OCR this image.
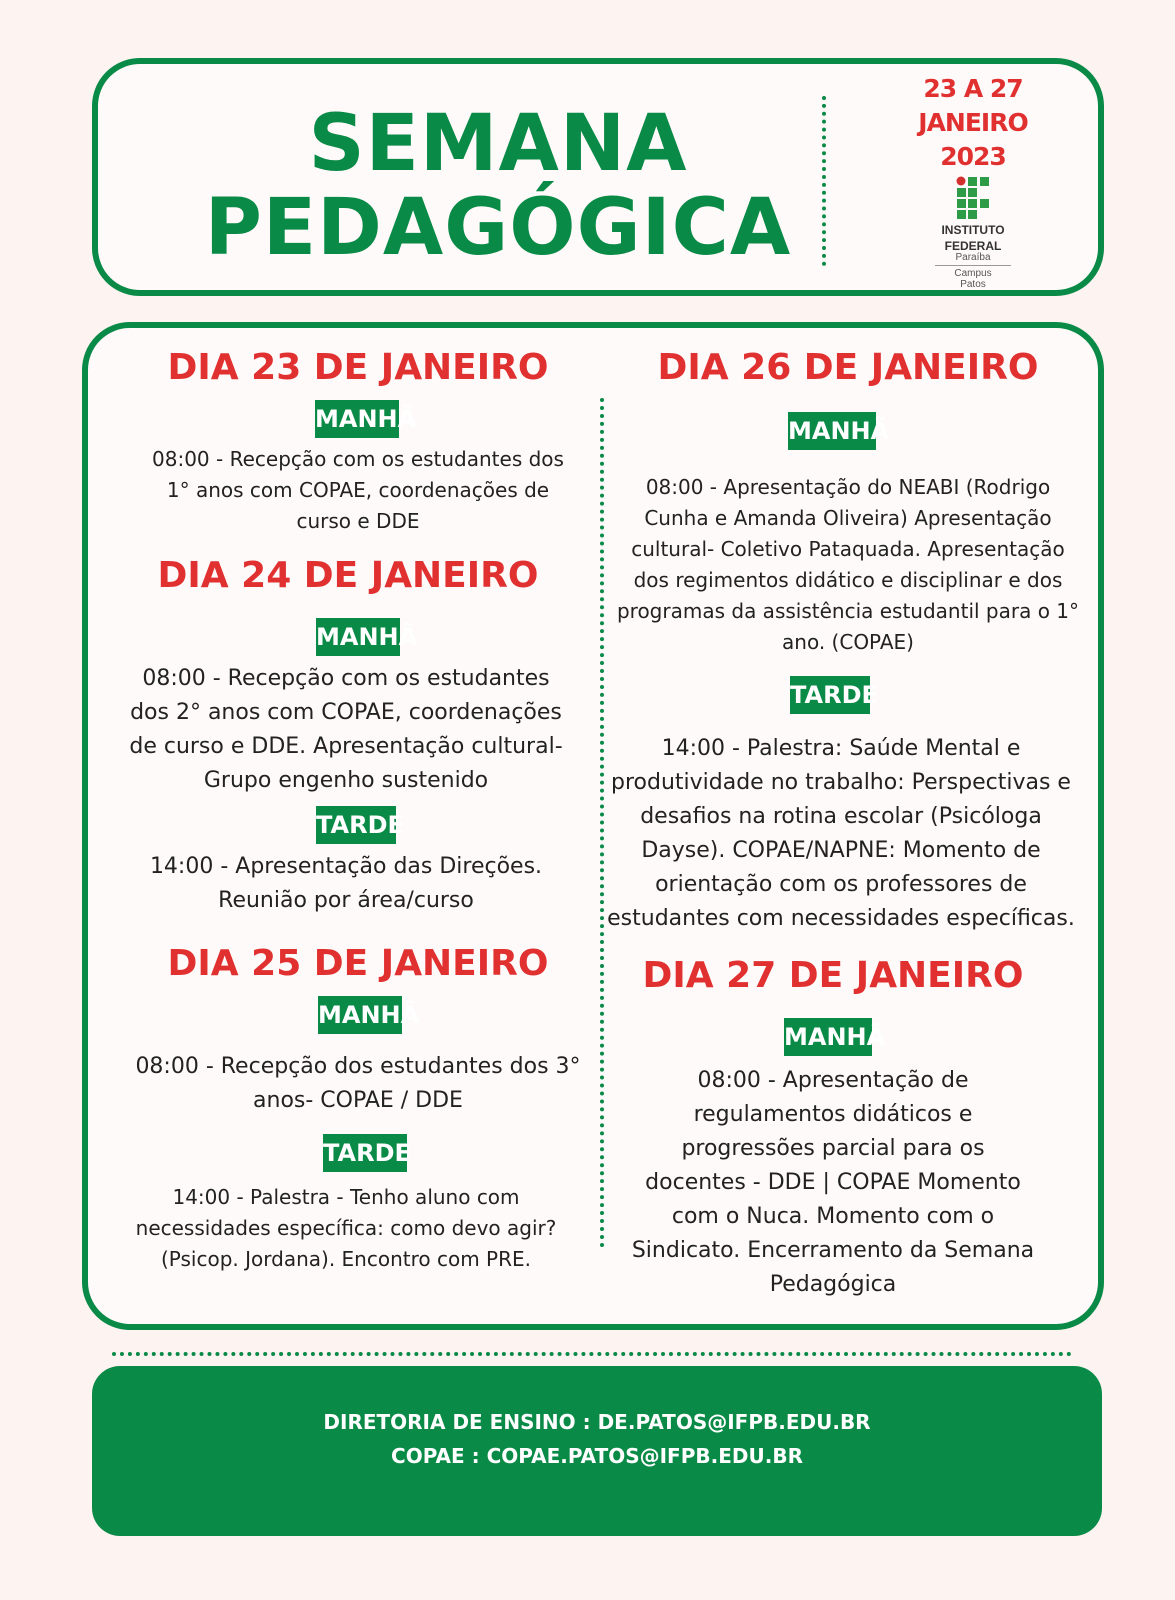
SEMANA
PEDAGÓGICA
23 A 27
JANEIRO
2023
INSTITUTO
FEDERAL
Paraíba
Campus
Patos
DIA 23 DE JANEIRO
MANHÃ
08:00 - Recepção com os estudantes dos 1° anos com COPAE, coordenações de curso e DDE
DIA 24 DE JANEIRO
MANHÃ
08:00 - Recepção com os estudantes dos 2° anos com COPAE, coordenações de curso e DDE. Apresentação cultural- Grupo engenho sustenido
TARDE
14:00 - Apresentação das Direções. Reunião por área/curso
DIA 25 DE JANEIRO
MANHÃ
08:00 - Recepção dos estudantes dos 3° anos- COPAE / DDE
TARDE
14:00 - Palestra - Tenho aluno com necessidades específica: como devo agir? (Psicop. Jordana). Encontro com PRE.
DIA 26 DE JANEIRO
MANHÃ
08:00 - Apresentação do NEABI (Rodrigo Cunha e Amanda Oliveira) Apresentação cultural- Coletivo Pataquada. Apresentação dos regimentos didático e disciplinar e dos programas da assistência estudantil para o 1° ano. (COPAE)
TARDE
14:00 - Palestra: Saúde Mental e produtividade no trabalho: Perspectivas e desafios na rotina escolar (Psicóloga Dayse). COPAE/NAPNE: Momento de orientação com os professores de estudantes com necessidades específicas.
DIA 27 DE JANEIRO
MANHÃ
08:00 - Apresentação de regulamentos didáticos e progressões parcial para os docentes - DDE | COPAE Momento com o Nuca. Momento com o Sindicato. Encerramento da Semana Pedagógica
DIRETORIA DE ENSINO : DE.PATOS@IFPB.EDU.BR
COPAE : COPAE.PATOS@IFPB.EDU.BR
